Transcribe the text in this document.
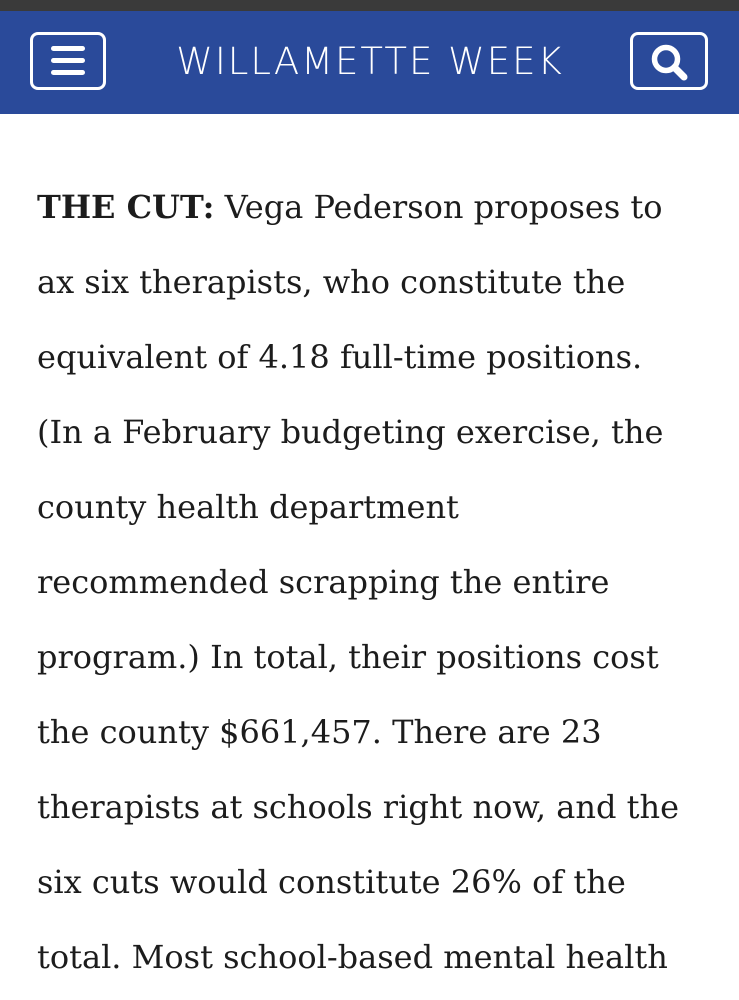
WILLAMETTE WEEK

THE CUT: Vega Pederson proposes to
ax six therapists, who constitute the
equivalent of 4.18 full-time positions.
(In a February budgeting exercise, the
county health department
recommended scrapping the entire
program.) In total, their positions cost
the county $661,457. There are 23
therapists at schools right now, and the
six cuts would constitute 26% of the
total. Most school-based mental health
